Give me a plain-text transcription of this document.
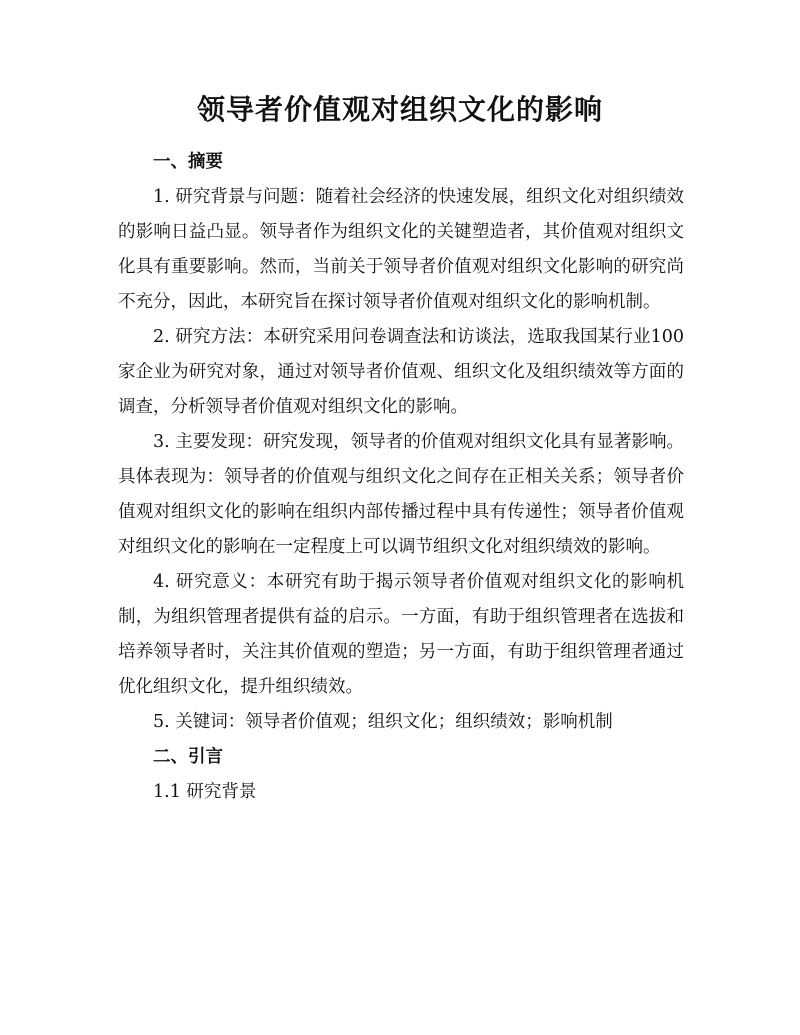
领导者价值观对组织文化的影响

一、摘要

1. 研究背景与问题：随着社会经济的快速发展，组织文化对组织绩效的影响日益凸显。领导者作为组织文化的关键塑造者，其价值观对组织文化具有重要影响。然而，当前关于领导者价值观对组织文化影响的研究尚不充分，因此，本研究旨在探讨领导者价值观对组织文化的影响机制。

2. 研究方法：本研究采用问卷调查法和访谈法，选取我国某行业100家企业为研究对象，通过对领导者价值观、组织文化及组织绩效等方面的调查，分析领导者价值观对组织文化的影响。

3. 主要发现：研究发现，领导者的价值观对组织文化具有显著影响。具体表现为：领导者的价值观与组织文化之间存在正相关关系；领导者价值观对组织文化的影响在组织内部传播过程中具有传递性；领导者价值观对组织文化的影响在一定程度上可以调节组织文化对组织绩效的影响。

4. 研究意义：本研究有助于揭示领导者价值观对组织文化的影响机制，为组织管理者提供有益的启示。一方面，有助于组织管理者在选拔和培养领导者时，关注其价值观的塑造；另一方面，有助于组织管理者通过优化组织文化，提升组织绩效。

5. 关键词：领导者价值观；组织文化；组织绩效；影响机制

二、引言

1.1 研究背景
